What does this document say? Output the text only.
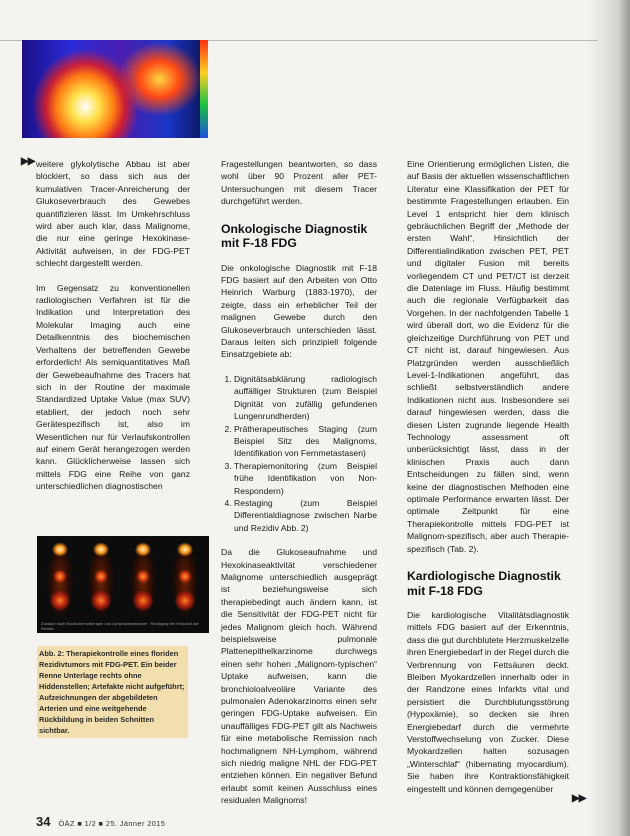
▶▶ weitere glykolytische Abbau ist aber blockiert, so dass sich aus der kumulativen Tracer-Anreicherung der Glukoseverbrauch des Gewebes quantifizieren lässt. Im Umkehrschluss wird aber auch klar, dass Malignome, die nur eine geringe Hexokinase-Aktivität aufweisen, in der FDG-PET schlecht dargestellt werden.

Im Gegensatz zu konventionellen radiologischen Verfahren ist für die Indikation und Interpretation des Molekular Imaging auch eine Detailkenntnis des biochemischen Verhaltens der betreffenden Gewebe erforderlich! Als semiquantitatives Maß der Gewebeaufnahme des Tracers hat sich in der Routine der maximale Standardized Uptake Value (max SUV) etabliert, der jedoch noch sehr Gerätespezifisch ist, also im Wesentlichen nur für Verlaufskontrollen auf einem Gerät herangezogen werden kann. Glücklicherweise lassen sich mittels FDG eine Reihe von ganz unterschiedlichen diagnostischen

Fragestellungen beantworten, so dass wohl über 90 Prozent aller PET-Untersuchungen mit diesem Tracer durchgeführt werden.

Onkologische Diagnostik mit F-18 FDG

Die onkologische Diagnostik mit F-18 FDG basiert auf den Arbeiten von Otto Heinrich Warburg (1883-1970), der zeigte, dass ein erheblicher Teil der malignen Gewebe durch den Glukoseverbrauch unterschieden lässt. Daraus leiten sich prinzipiell folgende Einsatzgebiete ab:

1. Dignitätsabklärung radiologisch auffälliger Strukturen (zum Beispiel Dignität von zufällig gefundenen Lungenrundherden)
2. Prätherapeutisches Staging (zum Beispiel Sitz des Malignoms, Identifikation von Fernmetastasen)
3. Therapiemonitoring (zum Beispiel frühe Identifikation von Non-Respondern)
4. Restaging (zum Beispiel Differentialdiagnose zwischen Narbe und Rezidiv Abb. 2)

Da die Glukoseaufnahme und Hexokinaseaktivität verschiedener Malignome unterschiedlich ausgeprägt ist beziehungsweise sich therapiebedingt auch ändern kann, ist die Sensitivität der FDG-PET nicht für jedes Malignom gleich hoch. Während beispielsweise pulmonale Plattenepithelkarzinome durchwegs einen sehr hohen „Malignom-typischen“ Uptake aufweisen, kann die bronchioloalveoläre Variante des pulmonalen Adenokarzinoms einen sehr geringen FDG-Uptake aufweisen. Ein unauffälliges FDG-PET gilt als Nachweis für eine metabolische Remission nach hochmalignem NH-Lymphom, während sich niedrig maligne NHL der FDG-PET entziehen können. Ein negativer Befund erlaubt somit keinen Ausschluss eines residualen Malignoms!

Eine Orientierung ermöglichen Listen, die auf Basis der aktuellen wissenschaftlichen Literatur eine Klassifikation der PET für bestimmte Fragestellungen erlauben. Ein Level 1 entspricht hier dem klinisch gebräuchlichen Begriff der „Methode der ersten Wahl“. Hinsichtlich der Differentialindikation zwischen PET, PET und digitaler Fusion mit bereits vorliegendem CT und PET/CT ist derzeit die Datenlage im Fluss. Häufig bestimmt auch die regionale Verfügbarkeit das Vorgehen. In der nachfolgenden Tabelle 1 wird überall dort, wo die Evidenz für die gleichzeitige Durchführung von PET und CT nicht ist, darauf hingewiesen. Aus Platzgründen werden ausschließlich Level-1-Indikationen angeführt, das schließt selbstverständlich andere Indikationen nicht aus. Insbesondere sei darauf hingewiesen werden, dass die diesen Listen zugrunde liegende Health Technology assessment oft unberücksichtigt lässt, dass in der klinischen Praxis auch dann Entscheidungen zu fällen sind, wenn keine der diagnostischen Methoden eine optimale Performance erwarten lässt. Der optimale Zeitpunkt für eine Therapiekontrolle mittels FDG-PET ist Malignom-spezifisch, aber auch Therapie-spezifisch (Tab. 2).

Kardiologische Diagnostik mit F-18 FDG

Die kardiologische Vitalitätsdiagnostik mittels FDG basiert auf der Erkenntnis, dass die gut durchblutete Herzmuskelzelle ihren Energiebedarf in der Regel durch die Verbrennung von Fettsäuren deckt. Bleiben Myokardzellen innerhalb oder in der Randzone eines Infarkts vital und persistiert die Durchblutungsstörung (Hypoxämie), so decken sie ihren Energiebedarf durch die vermehrte Verstoffwechselung von Zucker. Diese Myokardzellen halten sozusagen „Winterschlaf“ (hibernating myocardium). Sie haben ihre Kontraktionsfähigkeit eingestellt und können demgegenüber

Zustand nach Radiochemotherapie und Lymphadenektomie · Restaging bei Verdacht auf Rezidiv
Abb. 2: Therapiekontrolle eines floriden Rezidivtumors mit FDG-PET. Ein beider Renne Unterlage rechts ohne Hiddenstellen; Artefakte nicht aufgeführt; Aufzeichnungen der abgebildeten Arterien und eine weitgehende Rückbildung in beiden Schnitten sichtbar.
34 ÖÄZ ■ 1/2 ■ 25. Jänner 2015
▶▶
